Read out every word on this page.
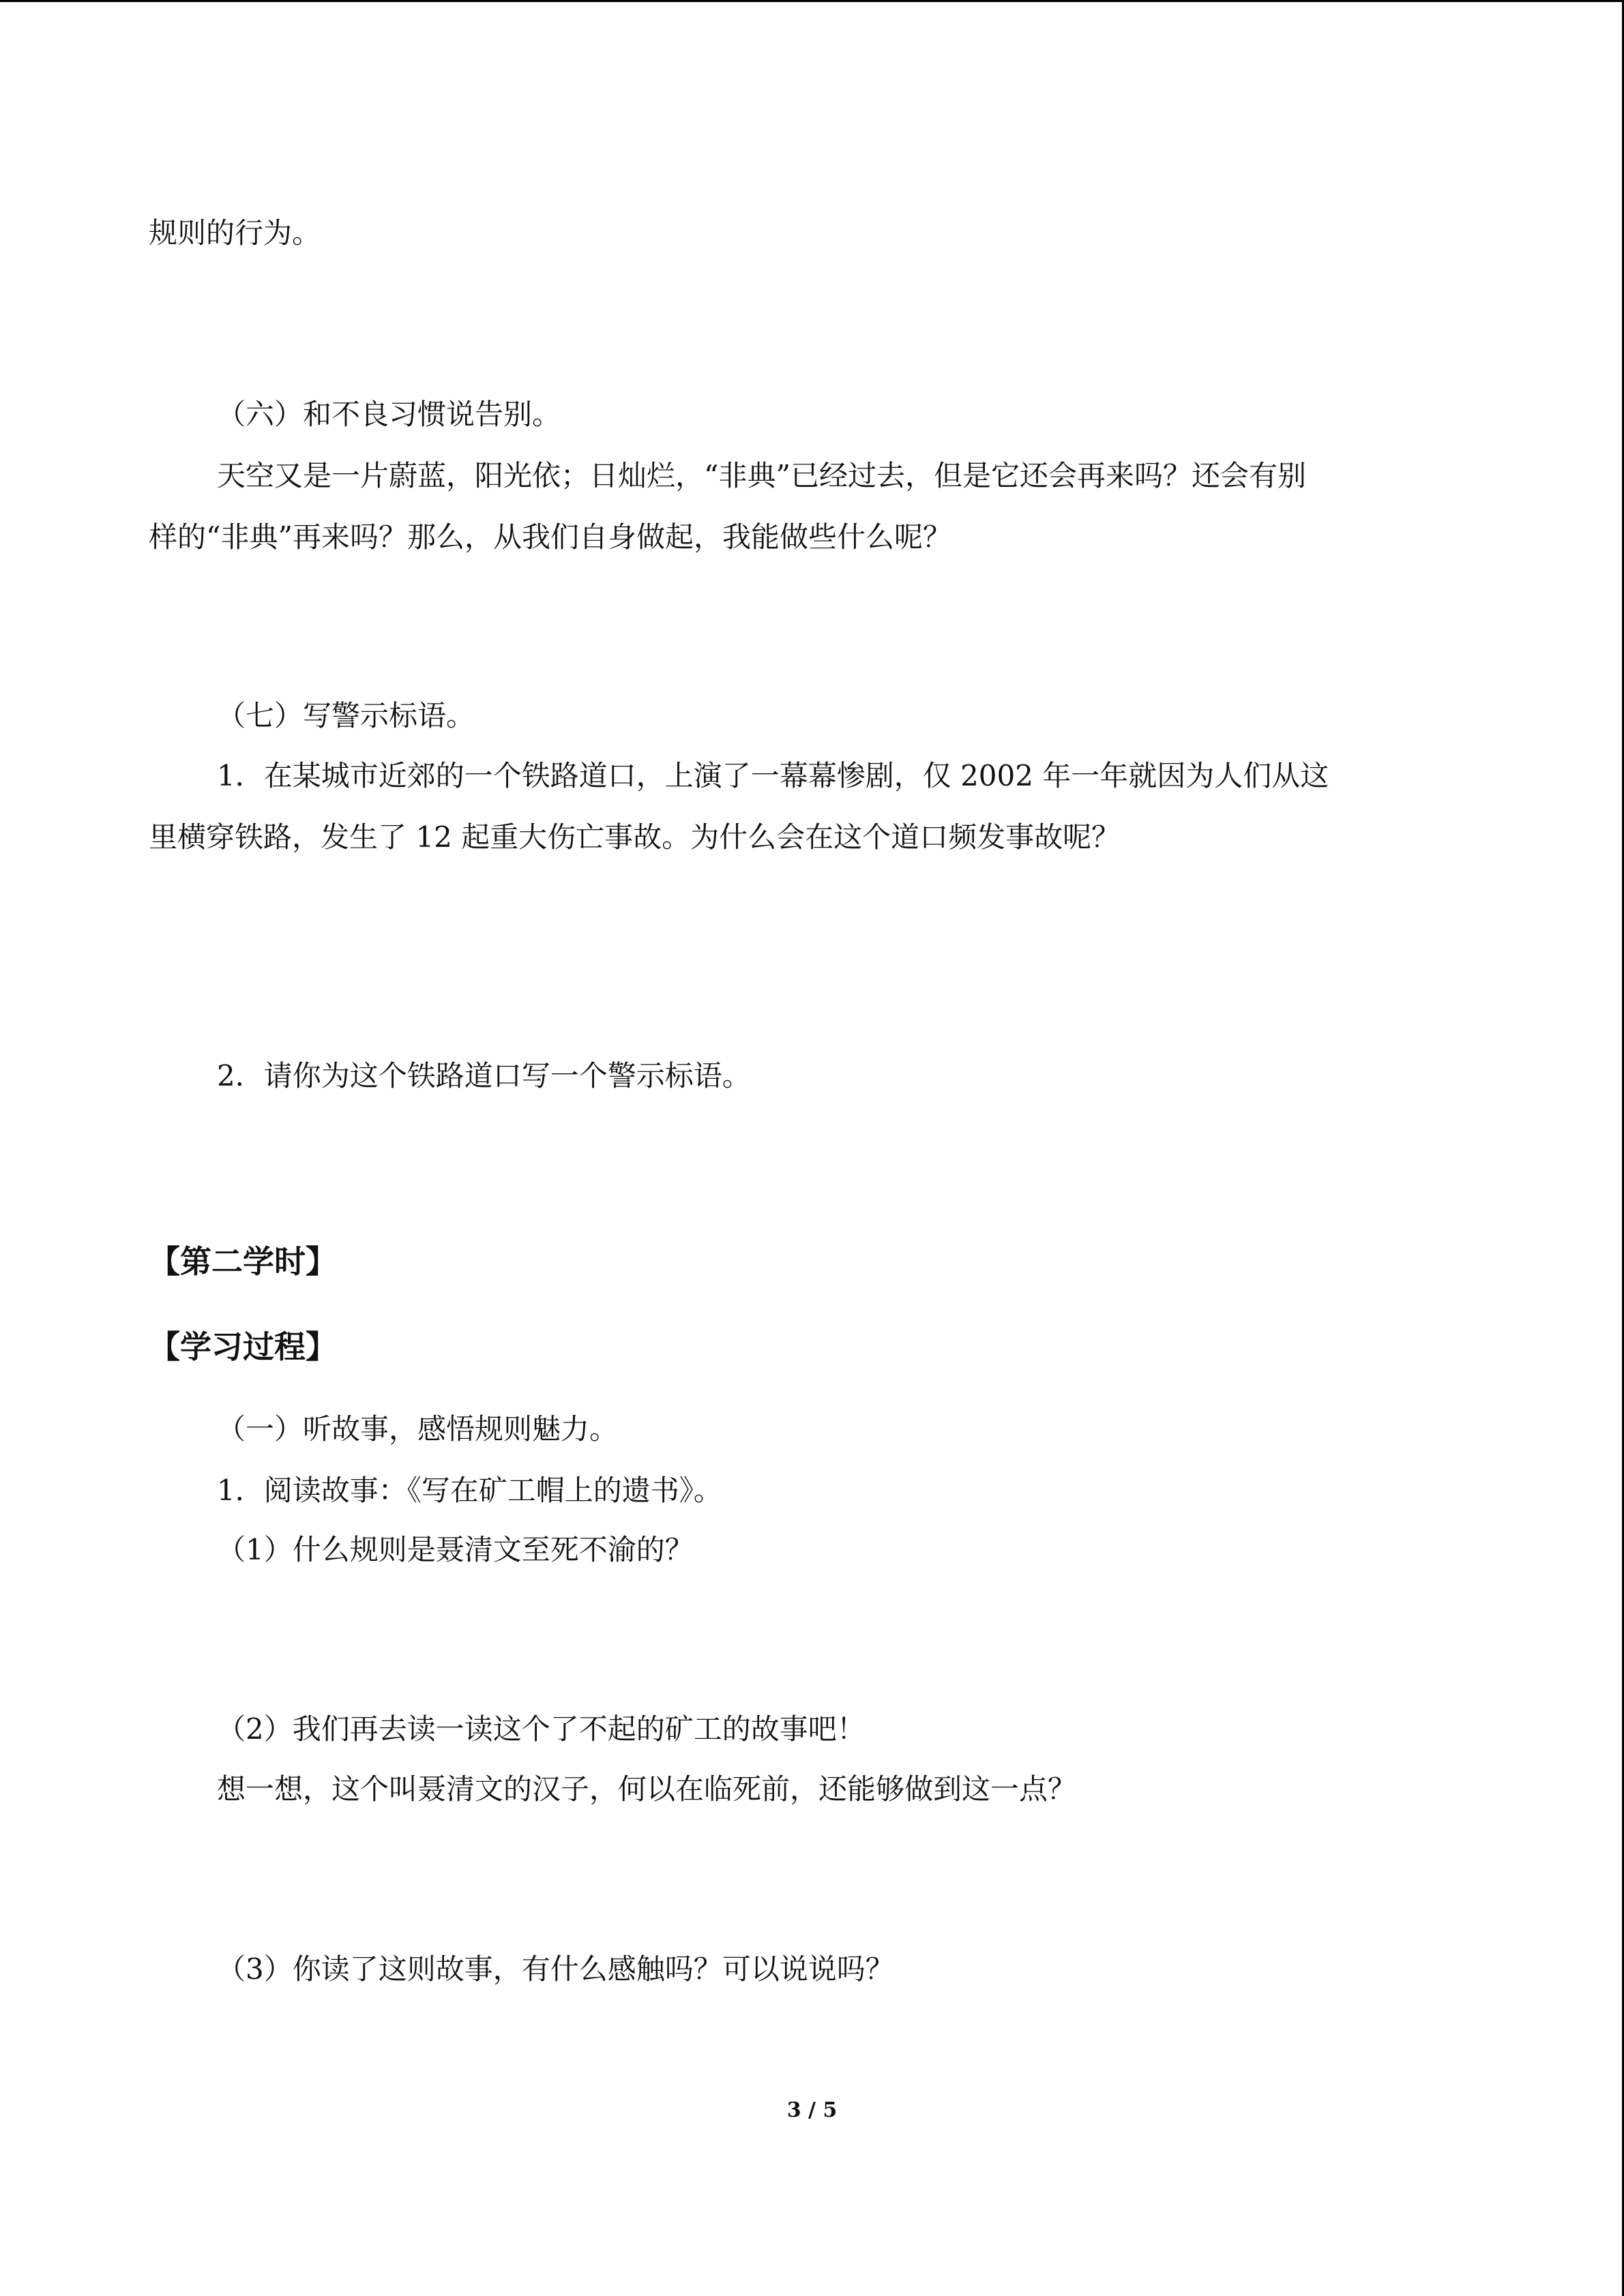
规则的行为。
（六）和不良习惯说告别。
天空又是一片蔚蓝，阳光依；日灿烂，“非典”已经过去，但是它还会再来吗？还会有别
样的“非典”再来吗？那么，从我们自身做起，我能做些什么呢？
（七）写警示标语。
1．在某城市近郊的一个铁路道口，上演了一幕幕惨剧，仅 2002 年一年就因为人们从这
里横穿铁路，发生了 12 起重大伤亡事故。为什么会在这个道口频发事故呢？
2．请你为这个铁路道口写一个警示标语。
【第二学时】
【学习过程】
（一）听故事，感悟规则魅力。
1．阅读故事：《写在矿工帽上的遗书》。
（1）什么规则是聂清文至死不渝的？
（2）我们再去读一读这个了不起的矿工的故事吧！
想一想，这个叫聂清文的汉子，何以在临死前，还能够做到这一点？
（3）你读了这则故事，有什么感触吗？可以说说吗？
3 / 5
